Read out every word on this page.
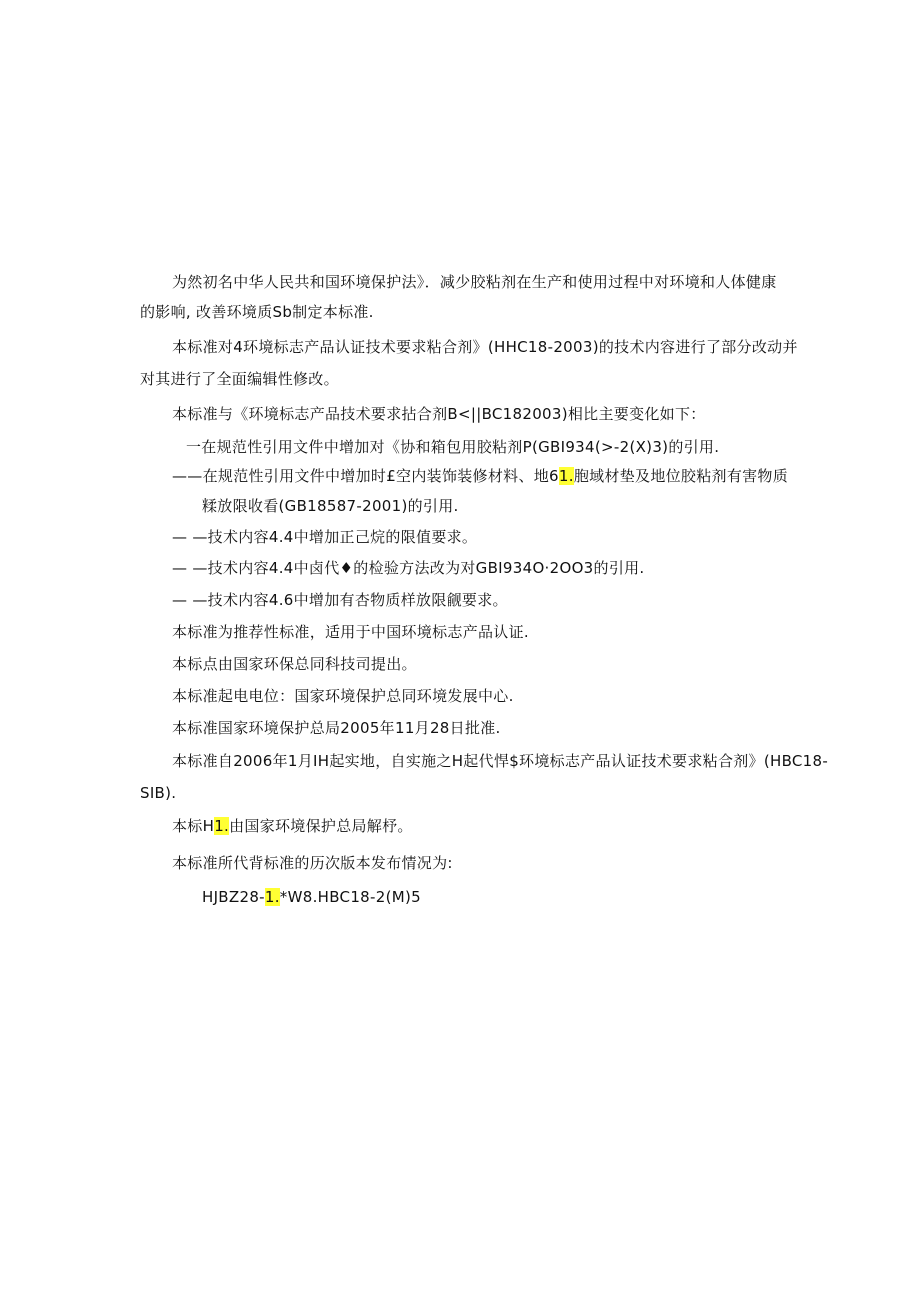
为然初名中华人民共和国环境保护法》．减少胶粘剂在生产和使用过程中对环境和人体健康
的影响, 改善环境质Sb制定本标准.
本标准对4环境标志产品认证技术要求粘合剂》(HHC18-2003)的技术内容进行了部分改动并
对其进行了全面编辑性修改。
本标准与《环境标志产品技术要求拈合剂B<||BC182003)相比主要变化如下：
一在规范性引用文件中增加对《协和箱包用胶粘剂P(GBI934(>-2(X)3)的引用.
——在规范性引用文件中增加时£空内装饰装修材料、地61.胞域材垫及地位胶粘剂有害物质
糅放限收看(GB18587-2001)的引用.
— —技术内容4.4中增加正己烷的限值要求。
— —技术内容4.4中卤代♦的检验方法改为对GBI934O·2OO3的引用.
— —技术内容4.6中增加有杏物质样放限觎要求。
本标准为推荐性标准，适用于中国环境标志产品认证.
本标点由国家环保总同科技司提出。
本标准起电电位：国家环境保护总同环境发展中心.
本标准国家环境保护总局2005年11月28日批准.
本标准自2006年1月IH起实地，自实施之H起代悍$环境标志产品认证技术要求粘合剂》(HBC18-
SIB).
本标H1.由国家环境保护总局解杼。
本标准所代背标准的历次版本发布情况为:
HJBZ28-1.*W8.HBC18-2(M)5
